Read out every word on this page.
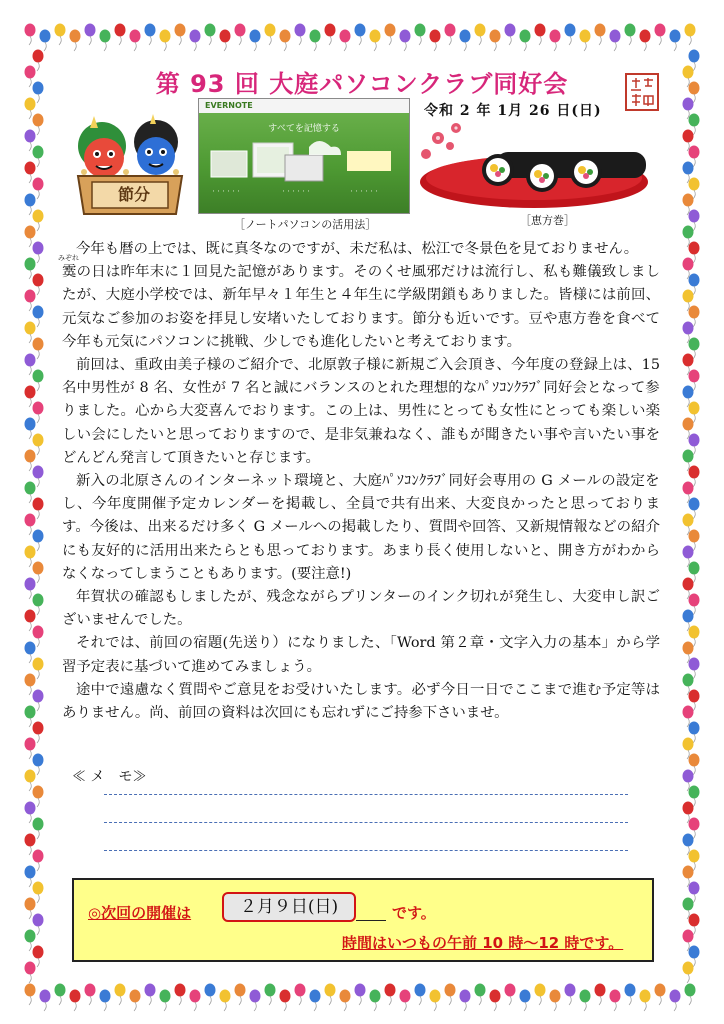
第 93 回 大庭パソコンクラブ同好会
令和 2 年 1月 26 日(日)
節分
EVERNOTE
すべてを記憶する
・・・・・・	・・・・・・	・・・・・・
［ノートパソコンの活用法］	［恵方巻］

今年も暦の上では、既に真冬なのですが、未だ私は、松江で冬景色を見ておりません。

みぞれ
霙の日は昨年末に１回見た記憶があります。そのくせ風邪だけは流行し、私も難儀致しましたが、大庭小学校では、新年早々１年生と４年生に学級閉鎖もありました。皆様には前回、元気なご参加のお姿を拝見し安堵いたしております。節分も近いです。豆や恵方巻を食べて今年も元気にパソコンに挑戦、少しでも進化したいと考えております。

前回は、重政由美子様のご紹介で、北原敦子様に新規ご入会頂き、今年度の登録上は、15 名中男性が 8 名、女性が 7 名と誠にバランスのとれた理想的なﾊﾟｿｺﾝｸﾗﾌﾞ同好会となって参りました。心から大変喜んでおります。この上は、男性にとっても女性にとっても楽しい楽しい会にしたいと思っておりますので、是非気兼ねなく、誰もが聞きたい事や言いたい事をどんどん発言して頂きたいと存じます。

新入の北原さんのインターネット環境と、大庭ﾊﾟｿｺﾝｸﾗﾌﾞ同好会専用の G メールの設定をし、今年度開催予定カレンダーを掲載し、全員で共有出来、大変良かったと思っております。今後は、出来るだけ多く G メールへの掲載したり、質問や回答、又新規情報などの紹介にも友好的に活用出来たらとも思っております。あまり長く使用しないと、開き方がわからなくなってしまうこともあります。(要注意!)

年賀状の確認もしましたが、残念ながらプリンターのインク切れが発生し、大変申し訳ございませんでした。

それでは、前回の宿題(先送り）になりました、「Word 第２章・文字入力の基本」から学習予定表に基づいて進めてみましょう。

途中で遠慮なく質問やご意見をお受けいたします。必ず今日一日でここまで進む予定等はありません。尚、前回の資料は次回にも忘れずにご持参下さいませ。

≪ メ　モ≫
◎次回の開催は	２月９日(日)	です。
時間はいつもの午前 10 時～12 時です。
